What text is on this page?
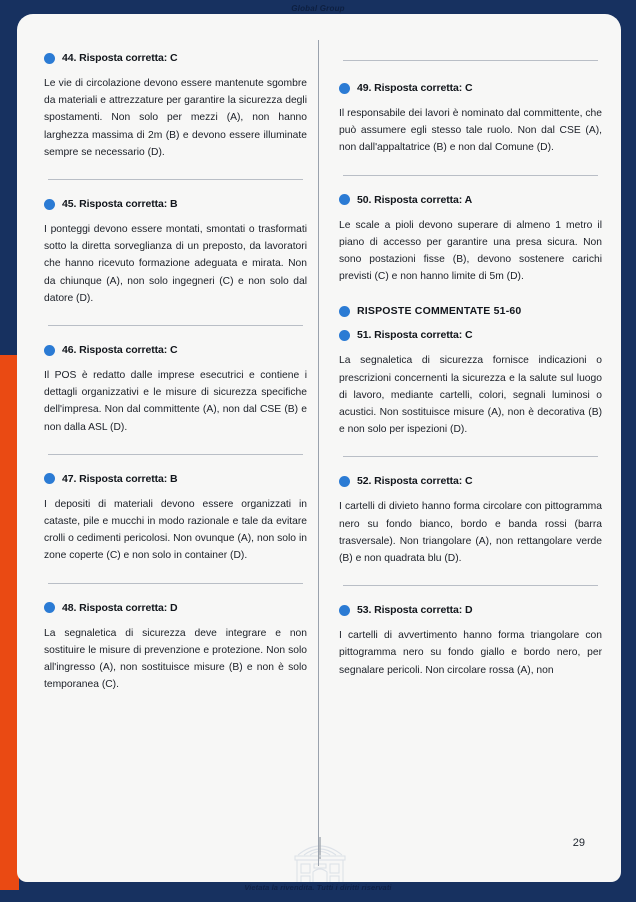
Global Group
44. Risposta corretta: C

Le vie di circolazione devono essere mantenute sgombre da materiali e attrezzature per garantire la sicurezza degli spostamenti. Non solo per mezzi (A), non hanno larghezza massima di 2m (B) e devono essere illuminate sempre se necessario (D).

45. Risposta corretta: B

I ponteggi devono essere montati, smontati o trasformati sotto la diretta sorveglianza di un preposto, da lavoratori che hanno ricevuto formazione adeguata e mirata. Non da chiunque (A), non solo ingegneri (C) e non solo dal datore (D).

46. Risposta corretta: C

Il POS è redatto dalle imprese esecutrici e contiene i dettagli organizzativi e le misure di sicurezza specifiche dell'impresa. Non dal committente (A), non dal CSE (B) e non dalla ASL (D).

47. Risposta corretta: B

I depositi di materiali devono essere organizzati in cataste, pile e mucchi in modo razionale e tale da evitare crolli o cedimenti pericolosi. Non ovunque (A), non solo in zone coperte (C) e non solo in container (D).

48. Risposta corretta: D

La segnaletica di sicurezza deve integrare e non sostituire le misure di prevenzione e protezione. Non solo all'ingresso (A), non sostituisce misure (B) e non è solo temporanea (C).

49. Risposta corretta: C

Il responsabile dei lavori è nominato dal committente, che può assumere egli stesso tale ruolo. Non dal CSE (A), non dall'appaltatrice (B) e non dal Comune (D).

50. Risposta corretta: A

Le scale a pioli devono superare di almeno 1 metro il piano di accesso per garantire una presa sicura. Non sono postazioni fisse (B), devono sostenere carichi previsti (C) e non hanno limite di 5m (D).

RISPOSTE COMMENTATE 51-60
51. Risposta corretta: C

La segnaletica di sicurezza fornisce indicazioni o prescrizioni concernenti la sicurezza e la salute sul luogo di lavoro, mediante cartelli, colori, segnali luminosi o acustici. Non sostituisce misure (A), non è decorativa (B) e non solo per ispezioni (D).

52. Risposta corretta: C

I cartelli di divieto hanno forma circolare con pittogramma nero su fondo bianco, bordo e banda rossi (barra trasversale). Non triangolare (A), non rettangolare verde (B) e non quadrata blu (D).

53. Risposta corretta: D

I cartelli di avvertimento hanno forma triangolare con pittogramma nero su fondo giallo e bordo nero, per segnalare pericoli. Non circolare rossa (A), non

29
Vietata la rivendita. Tutti i diritti riservati
